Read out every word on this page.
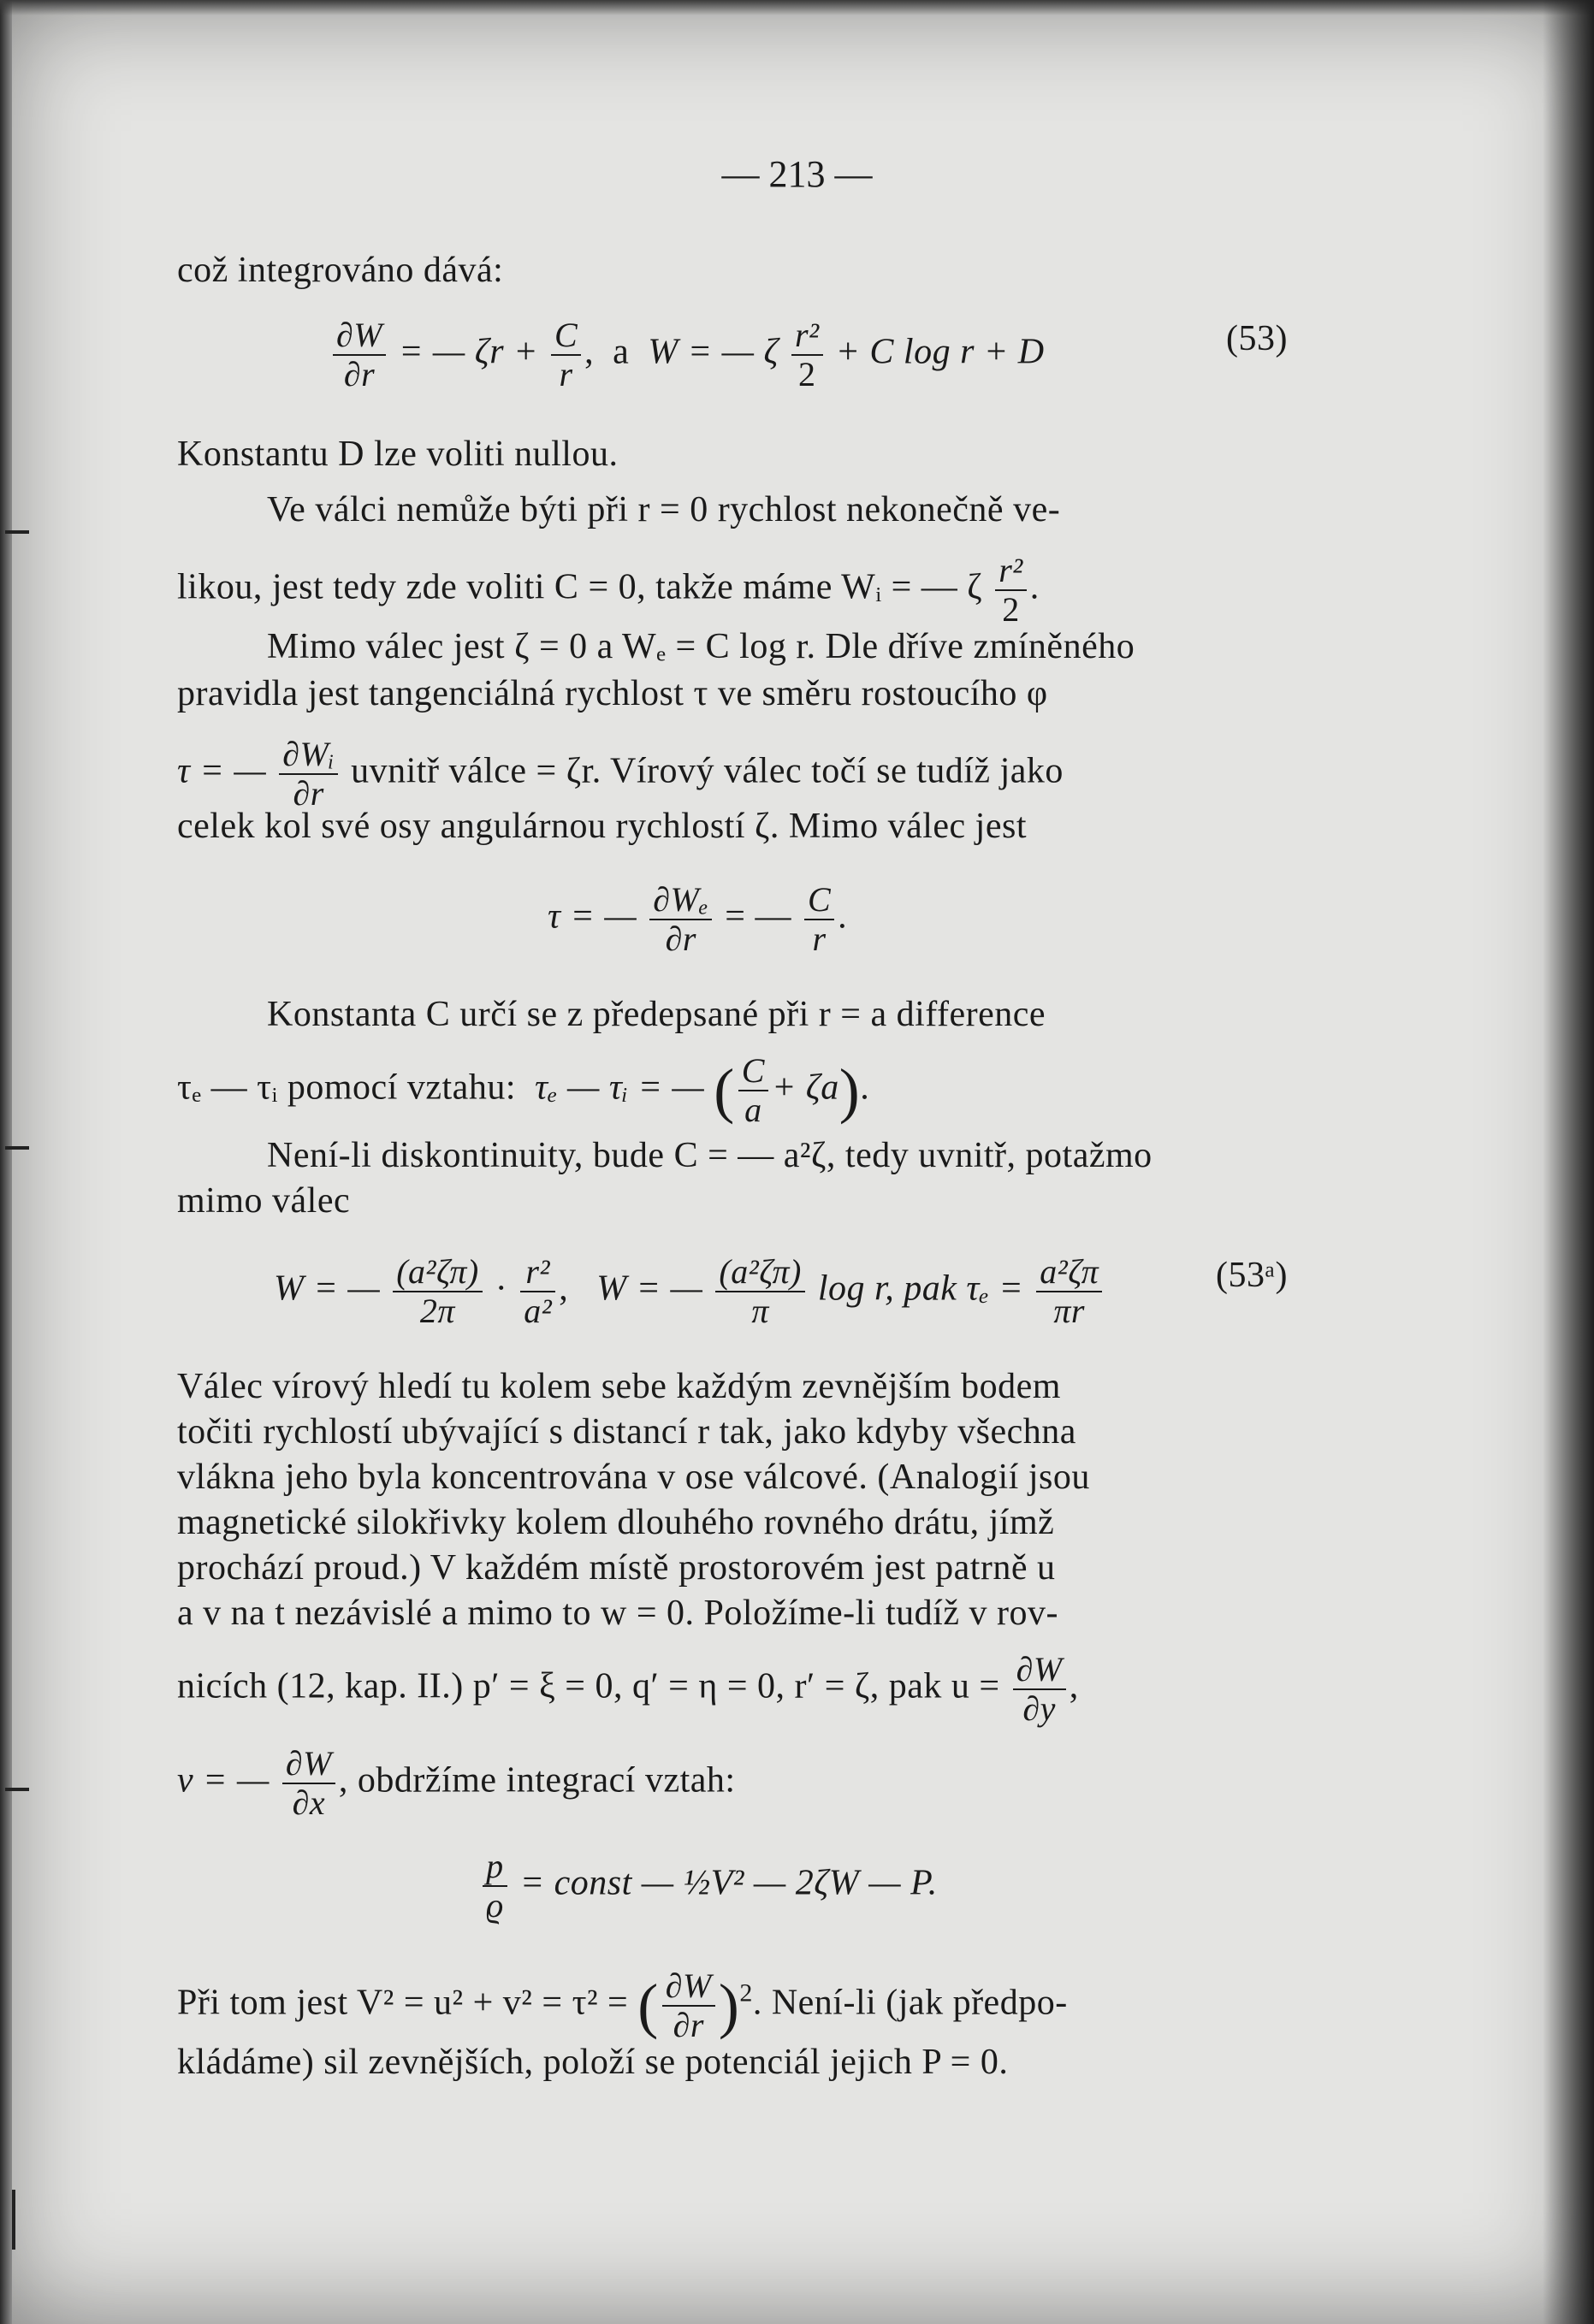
— 213 —
což integrováno dává:
$\frac{\partial W}{\partial r}$ = — $\zeta r + \frac{C}{r}$ , a W = — ζ $\frac{\text{r²}}{2} + C$ log r + D	(53)
Konstantu D lze voliti nullou.
Ve válci nemůže býti při r = 0 rychlost nekonečně ve-
likou, jest tedy zde voliti C = 0, takže máme Wᵢ = — ζ $\frac{\text{r²}}{2}$ .
Mimo válec jest ζ = 0 a Wₑ = C log r. Dle dříve zmíněného
pravidla jest tangenciálná rychlost τ ve směru rostoucího φ
τ = — $\frac{\text{∂Wᵢ}}{\partial r}$ uvnitř válce = ζr. Vírový válec točí se tudíž jako
celek kol své osy angulárnou rychlostí ζ. Mimo válec jest
τ = — $\frac{\text{∂Wₑ}}{\partial r}$ = — $\frac{C}{r}$ .
Konstanta C určí se z předepsané při r = a difference
τₑ — τᵢ pomocí vztahu: τₑ — τᵢ = — ( $\frac{C}{a} + \zeta a$).
Není-li diskontinuity, bude C = — a²ζ, tedy uvnitř, potažmo
mimo válec
W = — $\frac{\text{(a²ζπ)}}{2\pi} \cdot \frac{\text{r²}}{\text{a²}}$ , W = — $\frac{\text{(a²ζπ)}}{\pi}$ log r, pak $\tau_e = \frac{\text{a²ζπ}}{\pi r}$	(53ᵃ)
Válec vírový hledí tu kolem sebe každým zevnějším bodem
točiti rychlostí ubývající s distancí r tak, jako kdyby všechna
vlákna jeho byla koncentrována v ose válcové. (Analogií jsou
magnetické silokřivky kolem dlouhého rovného drátu, jímž
prochází proud.) V každém místě prostorovém jest patrně u
a v na t nezávislé a mimo to w = 0. Položíme-li tudíž v rov-
nicích (12, kap. II.) p′ = ξ = 0, q′ = η = 0, r′ = ζ, pak $u = \frac{\partial W}{\partial y}$ ,
v = — $\frac{\partial W}{\partial x}$ , obdržíme integrací vztah:
$\frac{p}{ϱ}$ = const — ½V² — 2ζW — P.
Při tom jest V² = u² + v² = τ² = ( $\frac{\partial W}{\partial r} )^2$. Není-li (jak předpo-
kládáme) sil zevnějších, položí se potenciál jejich P = 0.
